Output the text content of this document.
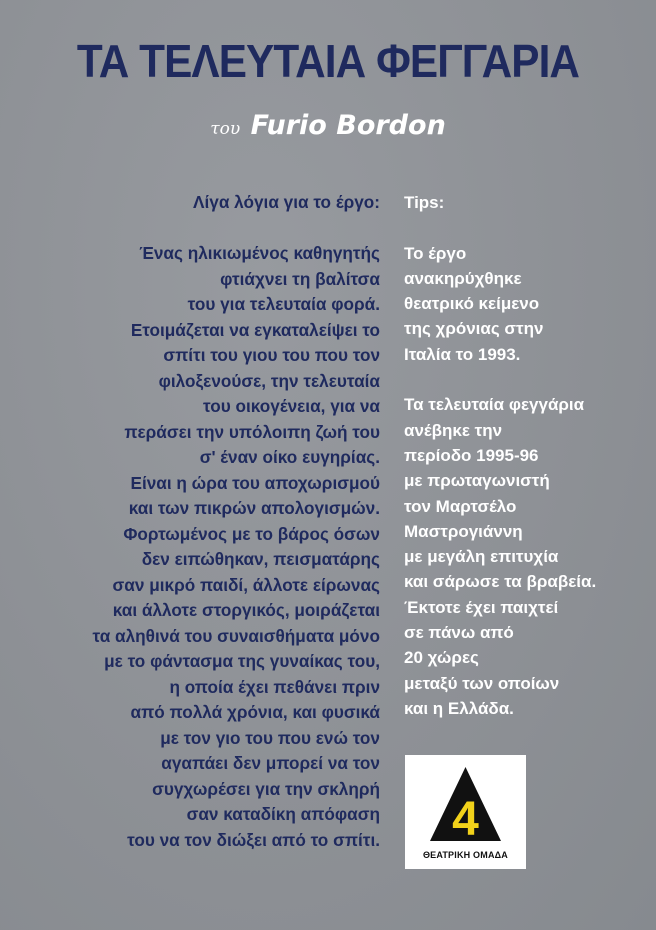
ΤΑ ΤΕΛΕΥΤΑΙΑ ΦΕΓΓΑΡΙΑ
του Furio Bordon
Λίγα λόγια για το έργο:
Ένας ηλικιωμένος καθηγητής
φτιάχνει τη βαλίτσα
του για τελευταία φορά.
Ετοιμάζεται να εγκαταλείψει το
σπίτι του γιου του που τον
φιλοξενούσε, την τελευταία
του οικογένεια, για να
περάσει την υπόλοιπη ζωή του
σ' έναν οίκο ευγηρίας.
Είναι η ώρα του αποχωρισμού
και των πικρών απολογισμών.
Φορτωμένος με το βάρος όσων
δεν ειπώθηκαν, πεισματάρης
σαν μικρό παιδί, άλλοτε είρωνας
και άλλοτε στοργικός, μοιράζεται
τα αληθινά του συναισθήματα μόνο
με το φάντασμα της γυναίκας του,
η οποία έχει πεθάνει πριν
από πολλά χρόνια, και φυσικά
με τον γιο του που ενώ τον
αγαπάει δεν μπορεί να τον
συγχωρέσει για την σκληρή
σαν καταδίκη απόφαση
του να τον διώξει από το σπίτι.
Tips:
Το έργο
ανακηρύχθηκε
θεατρικό κείμενο
της χρόνιας στην
Ιταλία το 1993.
Τα τελευταία φεγγάρια
ανέβηκε την
περίοδο 1995-96
με πρωταγωνιστή
τον Μαρτσέλο
Μαστρογιάννη
με μεγάλη επιτυχία
και σάρωσε τα βραβεία.
Έκτοτε έχει παιχτεί
σε πάνω από
20 χώρες
μεταξύ των οποίων
και η Ελλάδα.
4
ΘΕΑΤΡΙΚΗ ΟΜΑΔΑ
